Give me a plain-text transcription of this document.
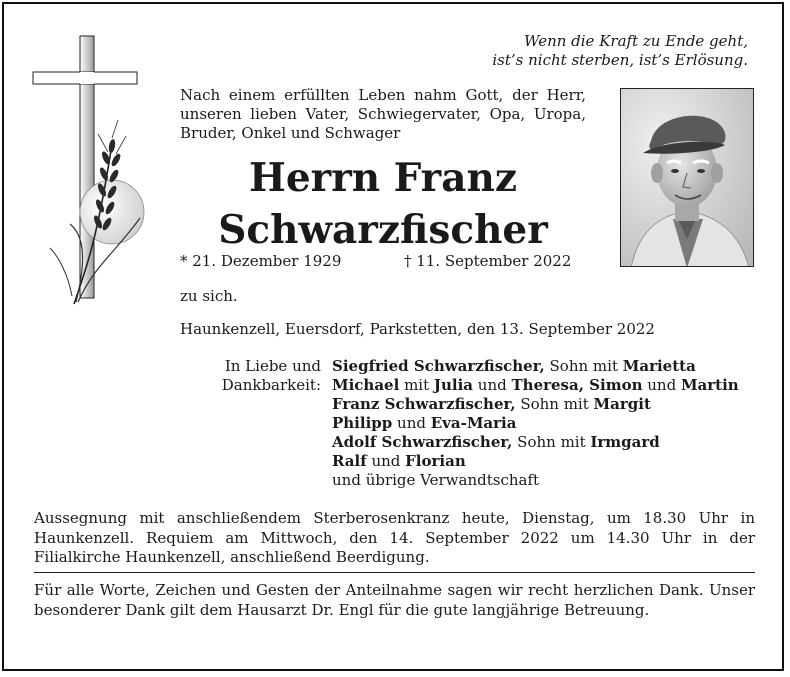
Wenn die Kraft zu Ende geht,
ist’s nicht sterben, ist’s Erlösung.
Nach einem erfüllten Leben nahm Gott, der Herr, unseren lieben Vater, Schwiegervater, Opa, Uropa, Bruder, Onkel und Schwager
Herrn Franz
Schwarzfischer
* 21. Dezember 1929	† 11. September 2022
zu sich.
Haunkenzell, Euersdorf, Parkstetten, den 13. September 2022
In Liebe und
Dankbarkeit:
Siegfried Schwarzfischer, Sohn mit Marietta
Michael mit Julia und Theresa, Simon und Martin
Franz Schwarzfischer, Sohn mit Margit
Philipp und Eva-Maria
Adolf Schwarzfischer, Sohn mit Irmgard
Ralf und Florian
und übrige Verwandtschaft
Aussegnung mit anschließendem Sterberosenkranz heute, Dienstag, um 18.30 Uhr in Haunkenzell. Requiem am Mittwoch, den 14. September 2022 um 14.30 Uhr in der Filialkirche Haunkenzell, anschließend Beerdigung.
Für alle Worte, Zeichen und Gesten der Anteilnahme sagen wir recht herzlichen Dank. Unser besonderer Dank gilt dem Hausarzt Dr. Engl für die gute langjährige Betreuung.
